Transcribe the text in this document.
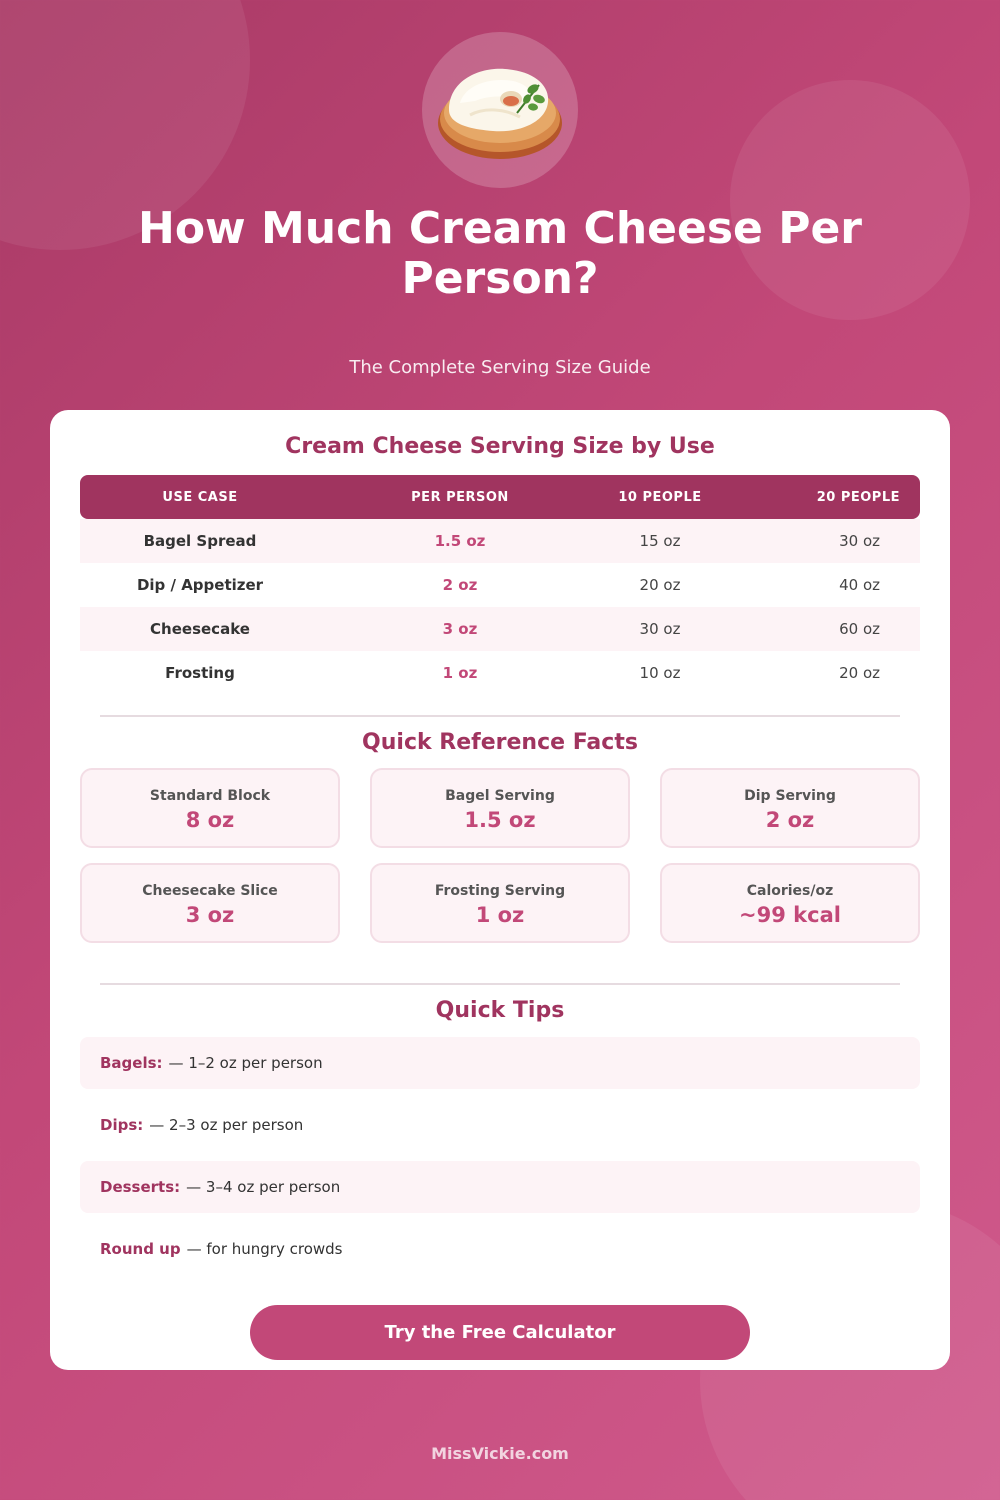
How Much Cream Cheese Per Person?
The Complete Serving Size Guide
Cream Cheese Serving Size by Use
USE CASE	PER PERSON	10 PEOPLE	20 PEOPLE
Bagel Spread	1.5 oz	15 oz	30 oz
Dip / Appetizer	2 oz	20 oz	40 oz
Cheesecake	3 oz	30 oz	60 oz
Frosting	1 oz	10 oz	20 oz
Quick Reference Facts
Standard Block
8 oz
Bagel Serving
1.5 oz
Dip Serving
2 oz
Cheesecake Slice
3 oz
Frosting Serving
1 oz
Calories/oz
~99 kcal
Quick Tips
Bagels: — 1–2 oz per person
Dips: — 2–3 oz per person
Desserts: — 3–4 oz per person
Round up — for hungry crowds
Try the Free Calculator
MissVickie.com
